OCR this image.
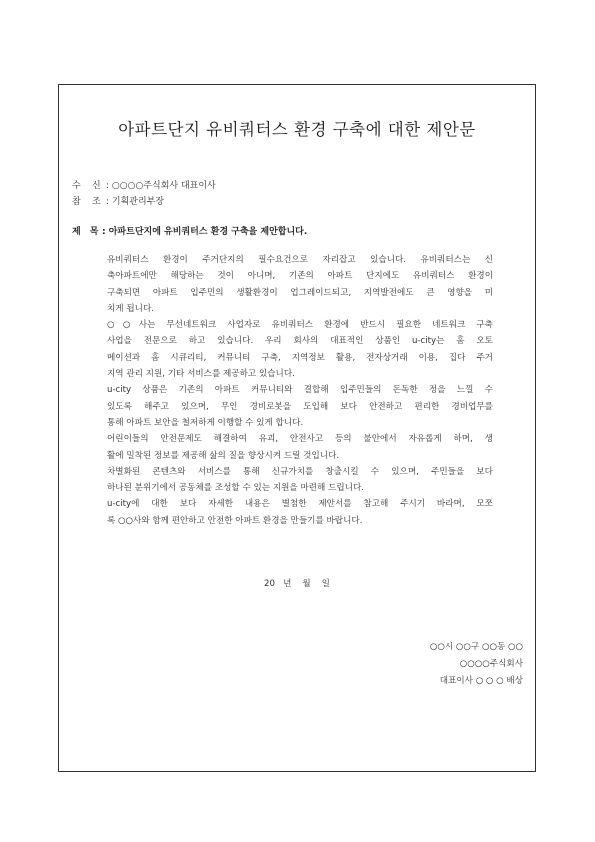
아파트단지 유비쿼터스 환경 구축에 대한 제안문
수 신 : ○○○○주식회사 대표이사
참 조 : 기획관리부장
제　목 : 아파트단지에 유비쿼터스 환경 구축을 제안합니다.
유비쿼터스 환경이 주거단지의 필수요건으로 자리잡고 있습니다. 유비쿼터스는 신
축아파트에만 해당하는 것이 아니며, 기존의 아파트 단지에도 유비쿼터스 환경이
구축되면 아파트 입주민의 생활환경이 업그레이드되고, 지역발전에도 큰 영향을 미
치게 됩니다.
○○사는 무선네트워크 사업자로 유비쿼터스 환경에 반드시 필요한 네트워크 구축
사업을 전문으로 하고 있습니다. 우리 회사의 대표적인 상품인 u-city는 홈 오토
메이션과 홈 시큐리티, 커뮤니티 구축, 지역정보 활용, 전자상거래 이용, 집다 주거
지역 관리 지원, 기타 서비스를 제공하고 있습니다.
u-city 상품은 기존의 아파트 커뮤니티와 결합해 입주민들의 돈독한 정을 느낄 수
있도록 해주고 있으며, 무인 경비로봇을 도입해 보다 안전하고 편리한 경비업무를
통해 아파트 보안을 철저하게 이행할 수 있게 합니다.
어린이들의 안전문제도 해결하여 유괴, 안전사고 등의 불안에서 자유롭게 하며, 생
활에 밀착된 정보를 제공해 삶의 질을 향상시켜 드릴 것입니다.
차별화된 콘텐츠와 서비스를 통해 신규가치를 창출시킬 수 있으며, 주민들을 보다
하나된 분위기에서 공동체를 조성할 수 있는 지원을 마련해 드립니다.
u-city에 대한 보다 자세한 내용은 별첨한 제안서를 참고해 주시기 바라며, 모쪼
록 ○○사와 함께 편안하고 안전한 아파트 환경을 만들기를 바랍니다.
20   년    월    일
○○시 ○○구 ○○동 ○○
○○○○주식회사
대표이사 ○ ○ ○ 배상
